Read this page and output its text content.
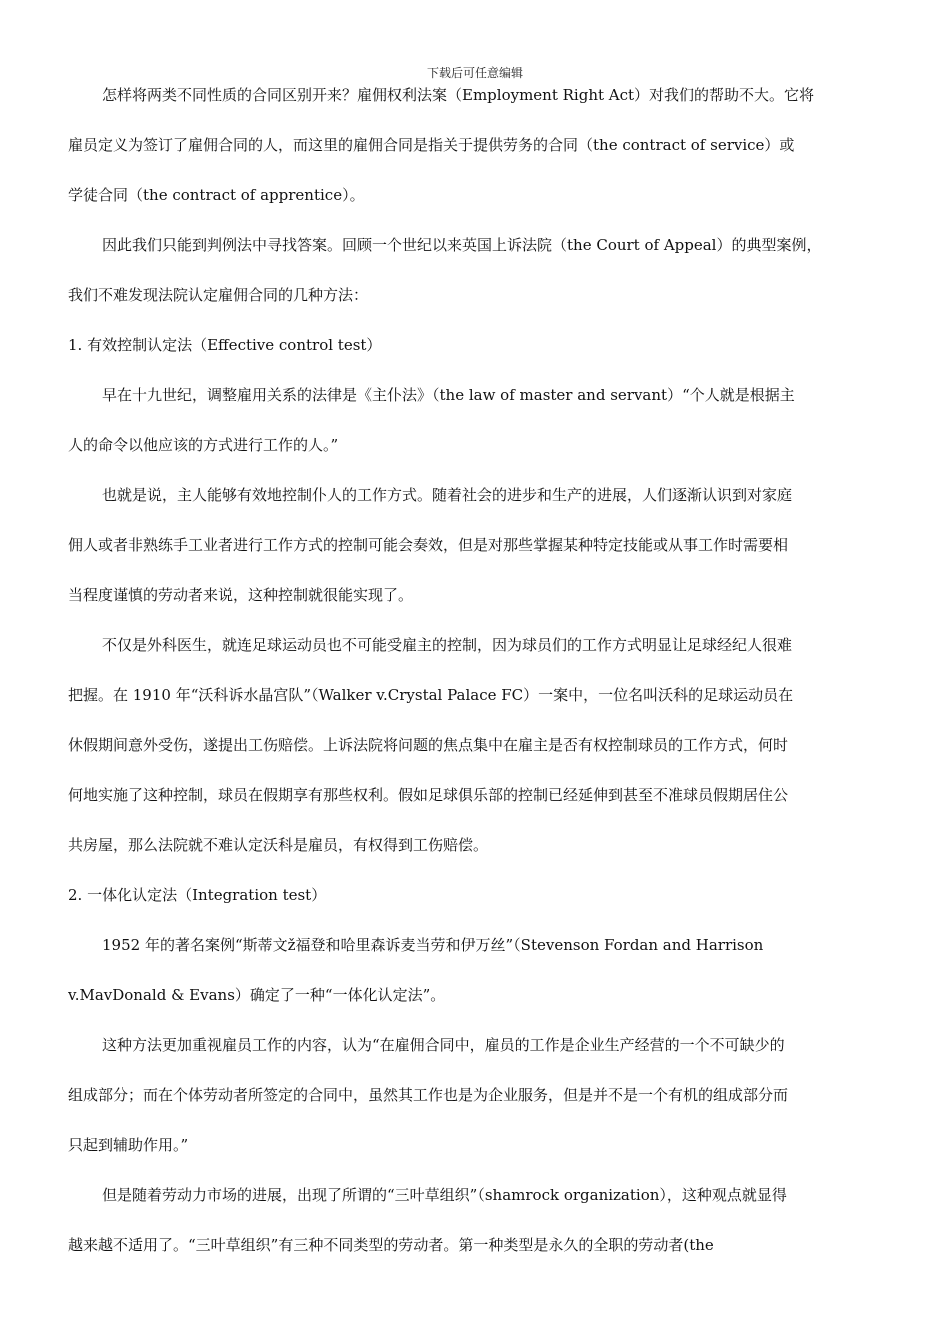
下载后可任意编辑
怎样将两类不同性质的合同区别开来？雇佣权利法案（Employment Right Act）对我们的帮助不大。它将
雇员定义为签订了雇佣合同的人，而这里的雇佣合同是指关于提供劳务的合同（the contract of service）或
学徒合同（the contract of apprentice）。
因此我们只能到判例法中寻找答案。回顾一个世纪以来英国上诉法院（the Court of Appeal）的典型案例，
我们不难发现法院认定雇佣合同的几种方法：
1. 有效控制认定法（Effective control test）
早在十九世纪，调整雇用关系的法律是《主仆法》（the law of master and servant）“个人就是根据主
人的命令以他应该的方式进行工作的人。”
也就是说，主人能够有效地控制仆人的工作方式。随着社会的进步和生产的进展，人们逐渐认识到对家庭
佣人或者非熟练手工业者进行工作方式的控制可能会奏效，但是对那些掌握某种特定技能或从事工作时需要相
当程度谨慎的劳动者来说，这种控制就很能实现了。
不仅是外科医生，就连足球运动员也不可能受雇主的控制，因为球员们的工作方式明显让足球经纪人很难
把握。在 1910 年“沃科诉水晶宫队”（Walker v.Crystal Palace FC）一案中，一位名叫沃科的足球运动员在
休假期间意外受伤，遂提出工伤赔偿。上诉法院将问题的焦点集中在雇主是否有权控制球员的工作方式，何时
何地实施了这种控制，球员在假期享有那些权利。假如足球俱乐部的控制已经延伸到甚至不准球员假期居住公
共房屋，那么法院就不难认定沃科是雇员，有权得到工伤赔偿。
2. 一体化认定法（Integration test）
1952 年的著名案例“斯蒂文ž福登和哈里森诉麦当劳和伊万丝”（Stevenson Fordan and Harrison
v.MavDonald & Evans）确定了一种“一体化认定法”。
这种方法更加重视雇员工作的内容，认为“在雇佣合同中，雇员的工作是企业生产经营的一个不可缺少的
组成部分；而在个体劳动者所签定的合同中，虽然其工作也是为企业服务，但是并不是一个有机的组成部分而
只起到辅助作用。”
但是随着劳动力市场的进展，出现了所谓的“三叶草组织”（shamrock organization），这种观点就显得
越来越不适用了。“三叶草组织”有三种不同类型的劳动者。第一种类型是永久的全职的劳动者(the
